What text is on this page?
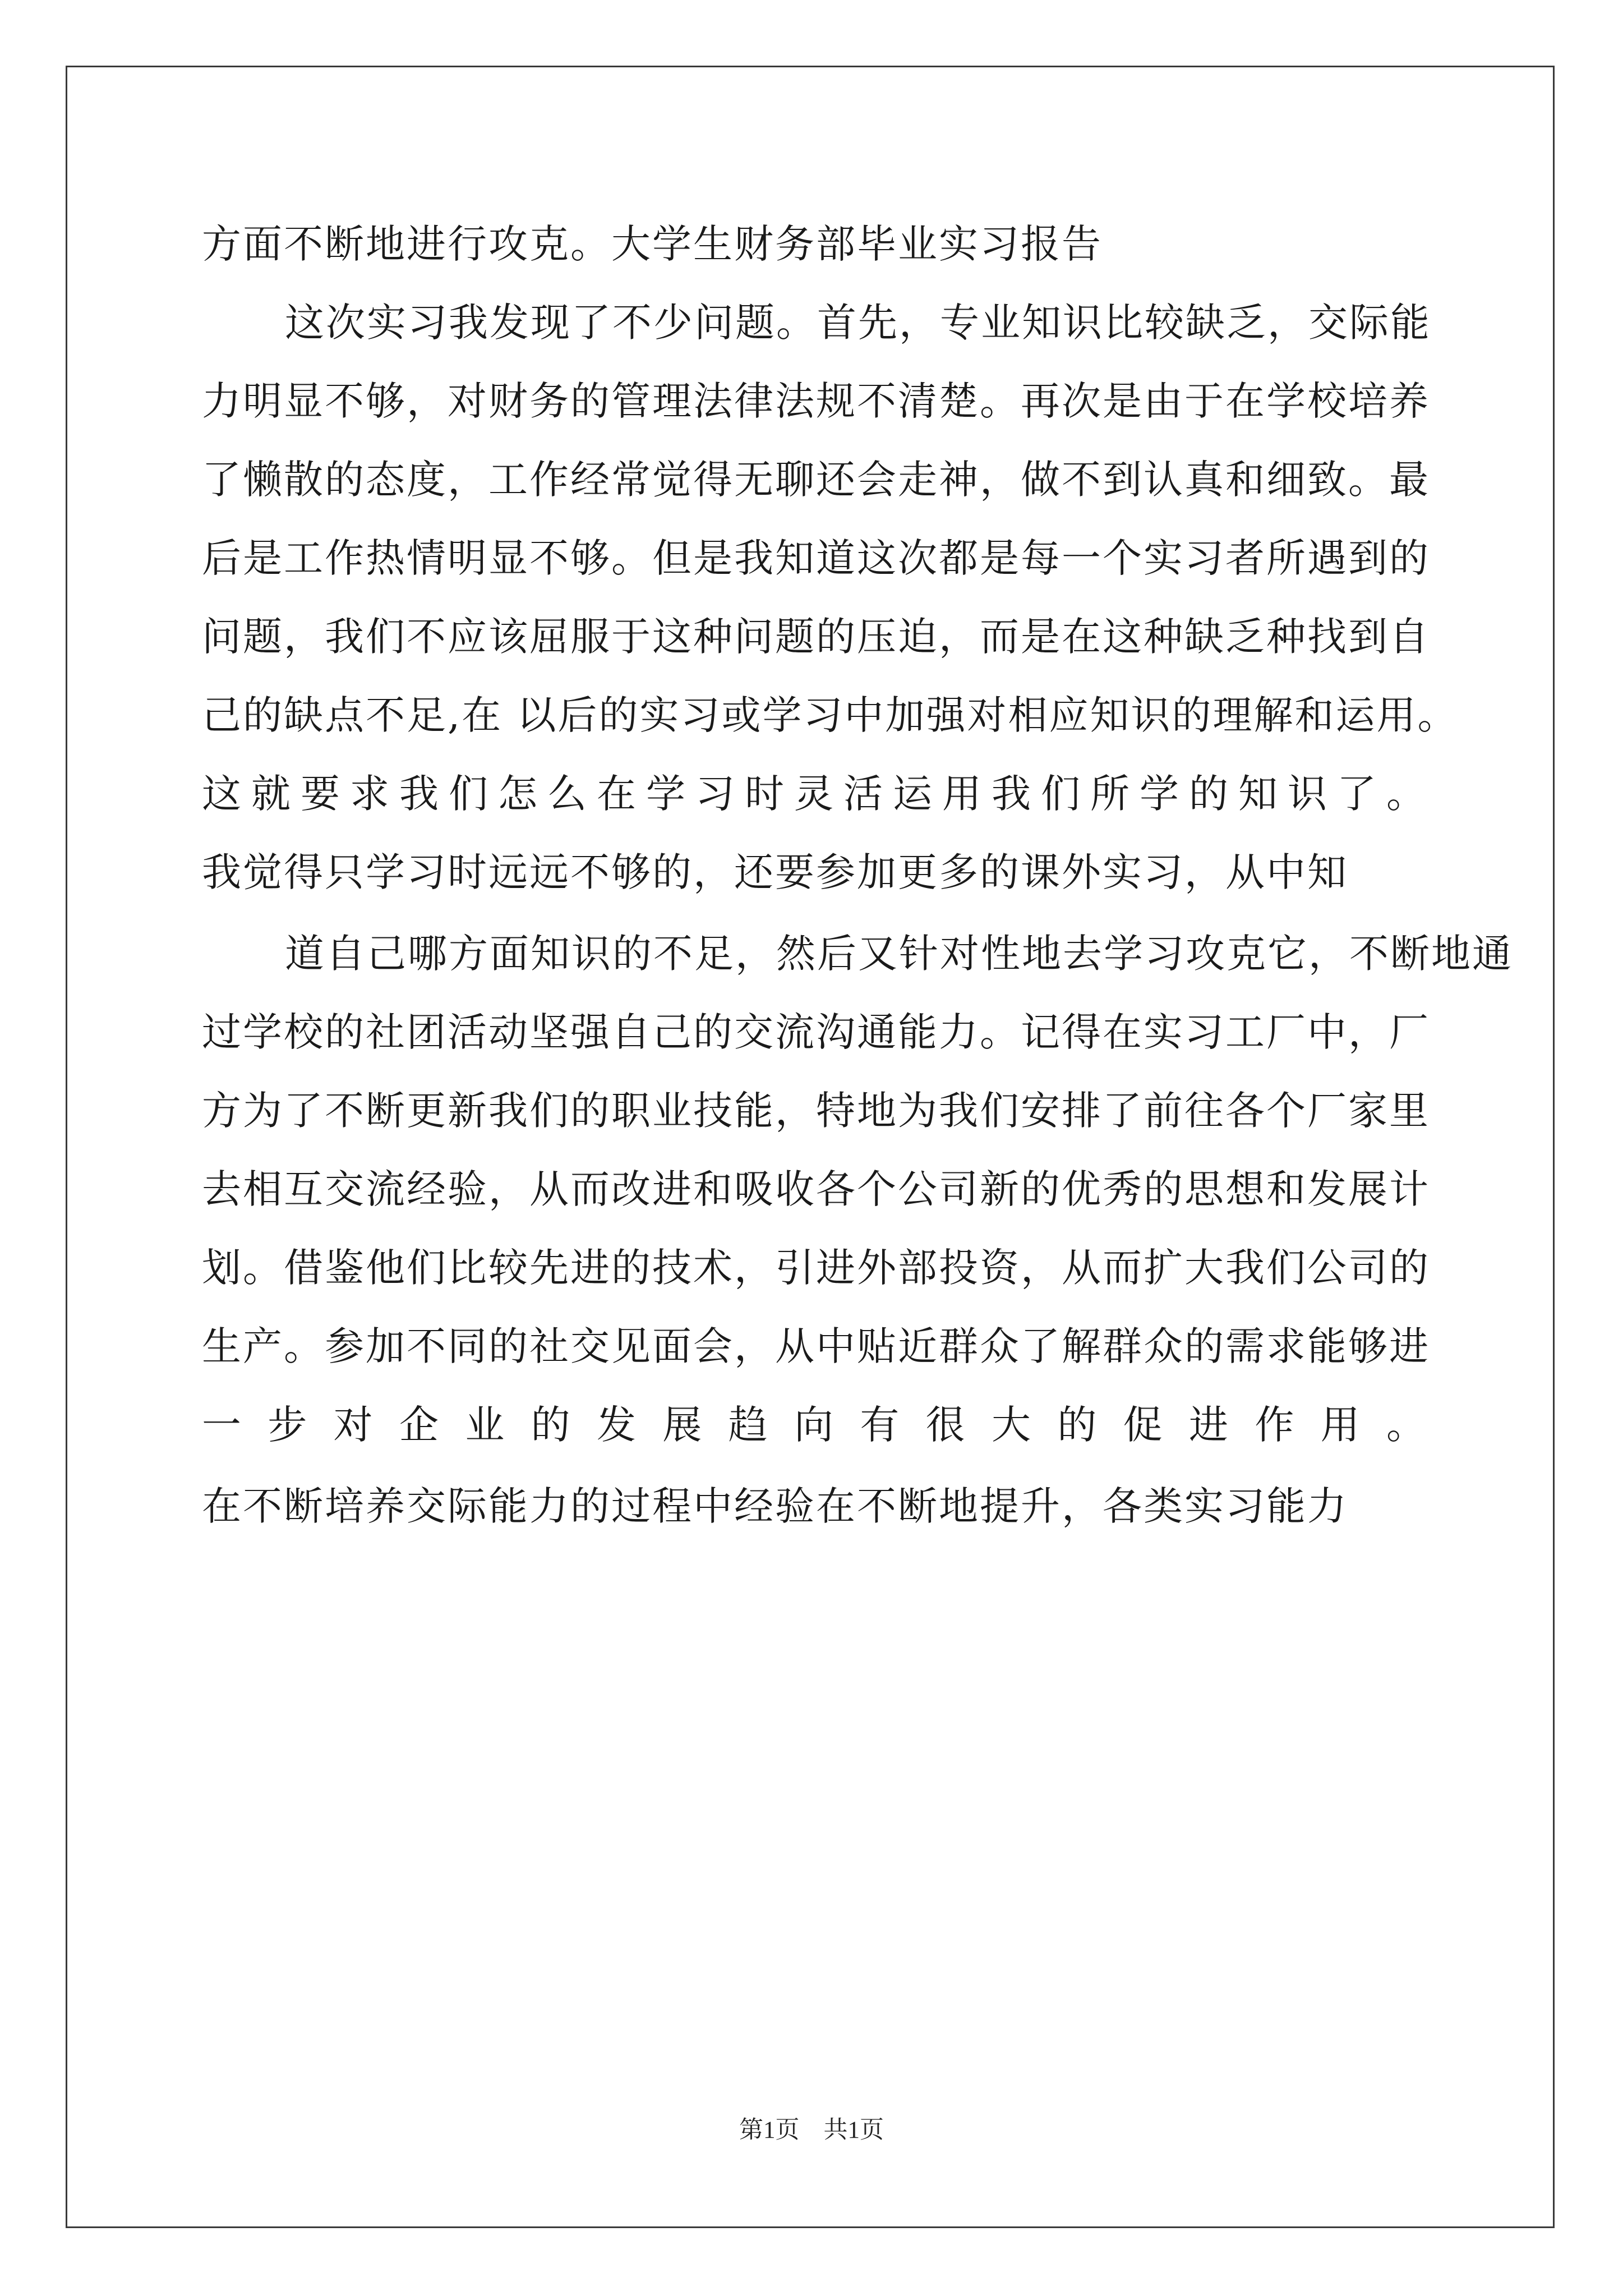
方面不断地进行攻克。大学生财务部毕业实习报告
这次实习我发现了不少问题。首先，专业知识比较缺乏，交际能
力明显不够，对财务的管理法律法规不清楚。再次是由于在学校培养
了懒散的态度，工作经常觉得无聊还会走神，做不到认真和细致。最
后是工作热情明显不够。但是我知道这次都是每一个实习者所遇到的
问题，我们不应该屈服于这种问题的压迫，而是在这种缺乏种找到自
己的缺点不足,在 以后的实习或学习中加强对相应知识的理解和运用。
这就要求我们怎么在学习时灵活运用我们所学的知识了。
我觉得只学习时远远不够的，还要参加更多的课外实习，从中知
道自己哪方面知识的不足，然后又针对性地去学习攻克它，不断地通
过学校的社团活动坚强自己的交流沟通能力。记得在实习工厂中，厂
方为了不断更新我们的职业技能，特地为我们安排了前往各个厂家里
去相互交流经验，从而改进和吸收各个公司新的优秀的思想和发展计
划。借鉴他们比较先进的技术，引进外部投资，从而扩大我们公司的
生产。参加不同的社交见面会，从中贴近群众了解群众的需求能够进
一步对企业的发展趋向有很大的促进作用。
在不断培养交际能力的过程中经验在不断地提升，各类实习能力
第1页　共1页
